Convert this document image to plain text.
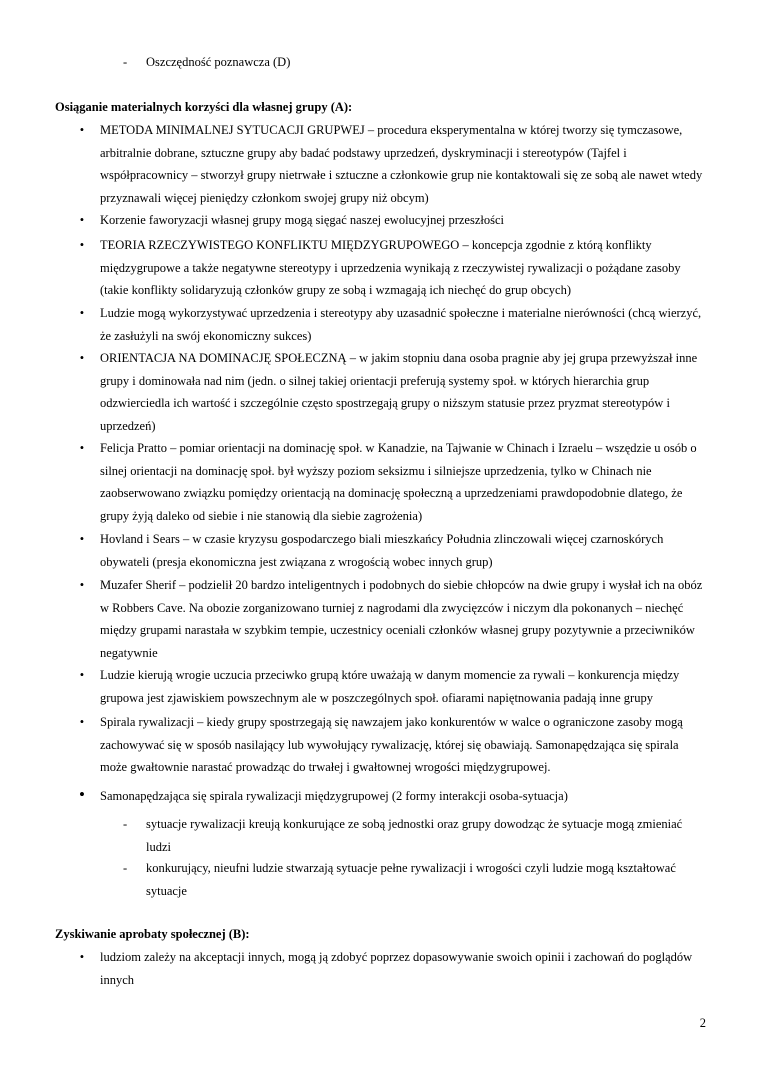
- Oszczędność poznawcza (D)
Osiąganie materialnych korzyści dla własnej grupy (A):
•	METODA MINIMALNEJ SYTUCACJI GRUPWEJ – procedura eksperymentalna w której tworzy się tymczasowe, arbitralnie dobrane, sztuczne grupy aby badać podstawy uprzedzeń, dyskryminacji i stereotypów (Tajfel i współpracownicy – stworzył grupy nietrwałe i sztuczne a członkowie grup nie kontaktowali się ze sobą ale nawet wtedy przyznawali więcej pieniędzy członkom swojej grupy niż obcym)
•	Korzenie faworyzacji własnej grupy mogą sięgać naszej ewolucyjnej przeszłości
•	TEORIA RZECZYWISTEGO KONFLIKTU MIĘDZYGRUPOWEGO – koncepcja zgodnie z którą konflikty międzygrupowe a także negatywne stereotypy i uprzedzenia wynikają z rzeczywistej rywalizacji o pożądane zasoby (takie konflikty solidaryzują członków grupy ze sobą i wzmagają ich niechęć do grup obcych)
•	Ludzie mogą wykorzystywać uprzedzenia i stereotypy aby uzasadnić społeczne i materialne nierówności (chcą wierzyć, że zasłużyli na swój ekonomiczny sukces)
•	ORIENTACJA NA DOMINACJĘ SPOŁECZNĄ – w jakim stopniu dana osoba pragnie aby jej grupa przewyższał inne grupy i dominowała nad nim (jedn. o silnej takiej orientacji preferują systemy społ. w których hierarchia grup odzwierciedla ich wartość i szczególnie często spostrzegają grupy o niższym statusie przez pryzmat stereotypów i uprzedzeń)
•	Felicja Pratto – pomiar orientacji na dominację społ. w Kanadzie, na Tajwanie w Chinach i Izraelu – wszędzie u osób o silnej orientacji na dominację społ. był wyższy poziom seksizmu i silniejsze uprzedzenia, tylko w Chinach nie zaobserwowano związku pomiędzy orientacją na dominację społeczną a uprzedzeniami prawdopodobnie dlatego, że grupy żyją daleko od siebie i nie stanowią dla siebie zagrożenia)
•	Hovland i Sears – w czasie kryzysu gospodarczego biali mieszkańcy Południa zlinczowali więcej czarnoskórych obywateli (presja ekonomiczna jest związana z wrogością wobec innych grup)
•	Muzafer Sherif – podzielił 20 bardzo inteligentnych i podobnych do siebie chłopców na dwie grupy i wysłał ich na obóz w Robbers Cave. Na obozie zorganizowano turniej z nagrodami dla zwycięzców i niczym dla pokonanych – niechęć między grupami narastała w szybkim tempie, uczestnicy oceniali członków własnej grupy pozytywnie a przeciwników negatywnie
•	Ludzie kierują wrogie uczucia przeciwko grupą które uważają w danym momencie za rywali – konkurencja między grupowa jest zjawiskiem powszechnym ale w poszczególnych społ. ofiarami napiętnowania padają inne grupy
•	Spirala rywalizacji – kiedy grupy spostrzegają się nawzajem jako konkurentów w walce o ograniczone zasoby mogą zachowywać się w sposób nasilający lub wywołujący rywalizację, której się obawiają. Samonapędzająca się spirala może gwałtownie narastać prowadząc do trwałej i gwałtownej wrogości międzygrupowej.
• Samonapędzająca się spirala rywalizacji międzygrupowej (2 formy interakcji osoba-sytuacja)
- sytuacje rywalizacji kreują konkurujące ze sobą jednostki oraz grupy dowodząc że sytuacje mogą zmieniać ludzi
- konkurujący, nieufni ludzie stwarzają sytuacje pełne rywalizacji i wrogości czyli ludzie mogą kształtować sytuacje
Zyskiwanie aprobaty społecznej (B):
•	ludziom zależy na akceptacji innych, mogą ją zdobyć poprzez dopasowywanie swoich opinii i zachowań do poglądów innych
2
